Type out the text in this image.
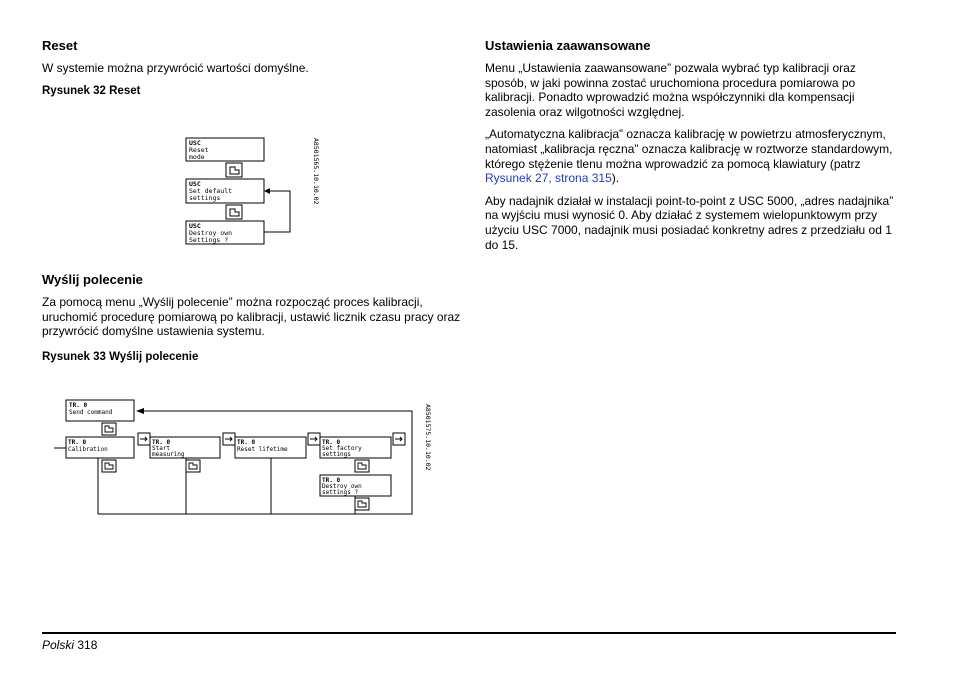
Reset

W systemie można przywrócić wartości domyślne.

Rysunek 32 Reset
USC
Reset
mode
USC
Set default
settings
USC
Destroy own
Settings ?
A8501565.10.10.02
Wyślij polecenie

Za pomocą menu „Wyślij polecenie” można rozpocząć proces kalibracji, uruchomić procedurę pomiarową po kalibracji, ustawić licznik czasu pracy oraz przywrócić domyślne ustawienia systemu.

Rysunek 33 Wyślij polecenie
TR. 0
Send command
TR. 0
Calibration
TR. 0
Start
measuring
TR. 0
Reset lifetime
TR. 0
Set factory
settings
TR. 0
Destroy own
settings ?
A8501575.10.10.02
Ustawienia zaawansowane

Menu „Ustawienia zaawansowane” pozwala wybrać typ kalibracji oraz sposób, w jaki powinna zostać uruchomiona procedura pomiarowa po kalibracji. Ponadto wprowadzić można współczynniki dla kompensacji zasolenia oraz wilgotności względnej.

„Automatyczna kalibracja” oznacza kalibrację w powietrzu atmosferycznym, natomiast „kalibracja ręczna” oznacza kalibrację w roztworze standardowym, którego stężenie tlenu można wprowadzić za pomocą klawiatury (patrz Rysunek 27, strona 315).

Aby nadajnik działał w instalacji point-to-point z USC 5000, „adres nadajnika” na wyjściu musi wynosić 0. Aby działać z systemem wielopunktowym przy użyciu USC 7000, nadajnik musi posiadać konkretny adres z przedziału od 1 do 15.

Polski 318
